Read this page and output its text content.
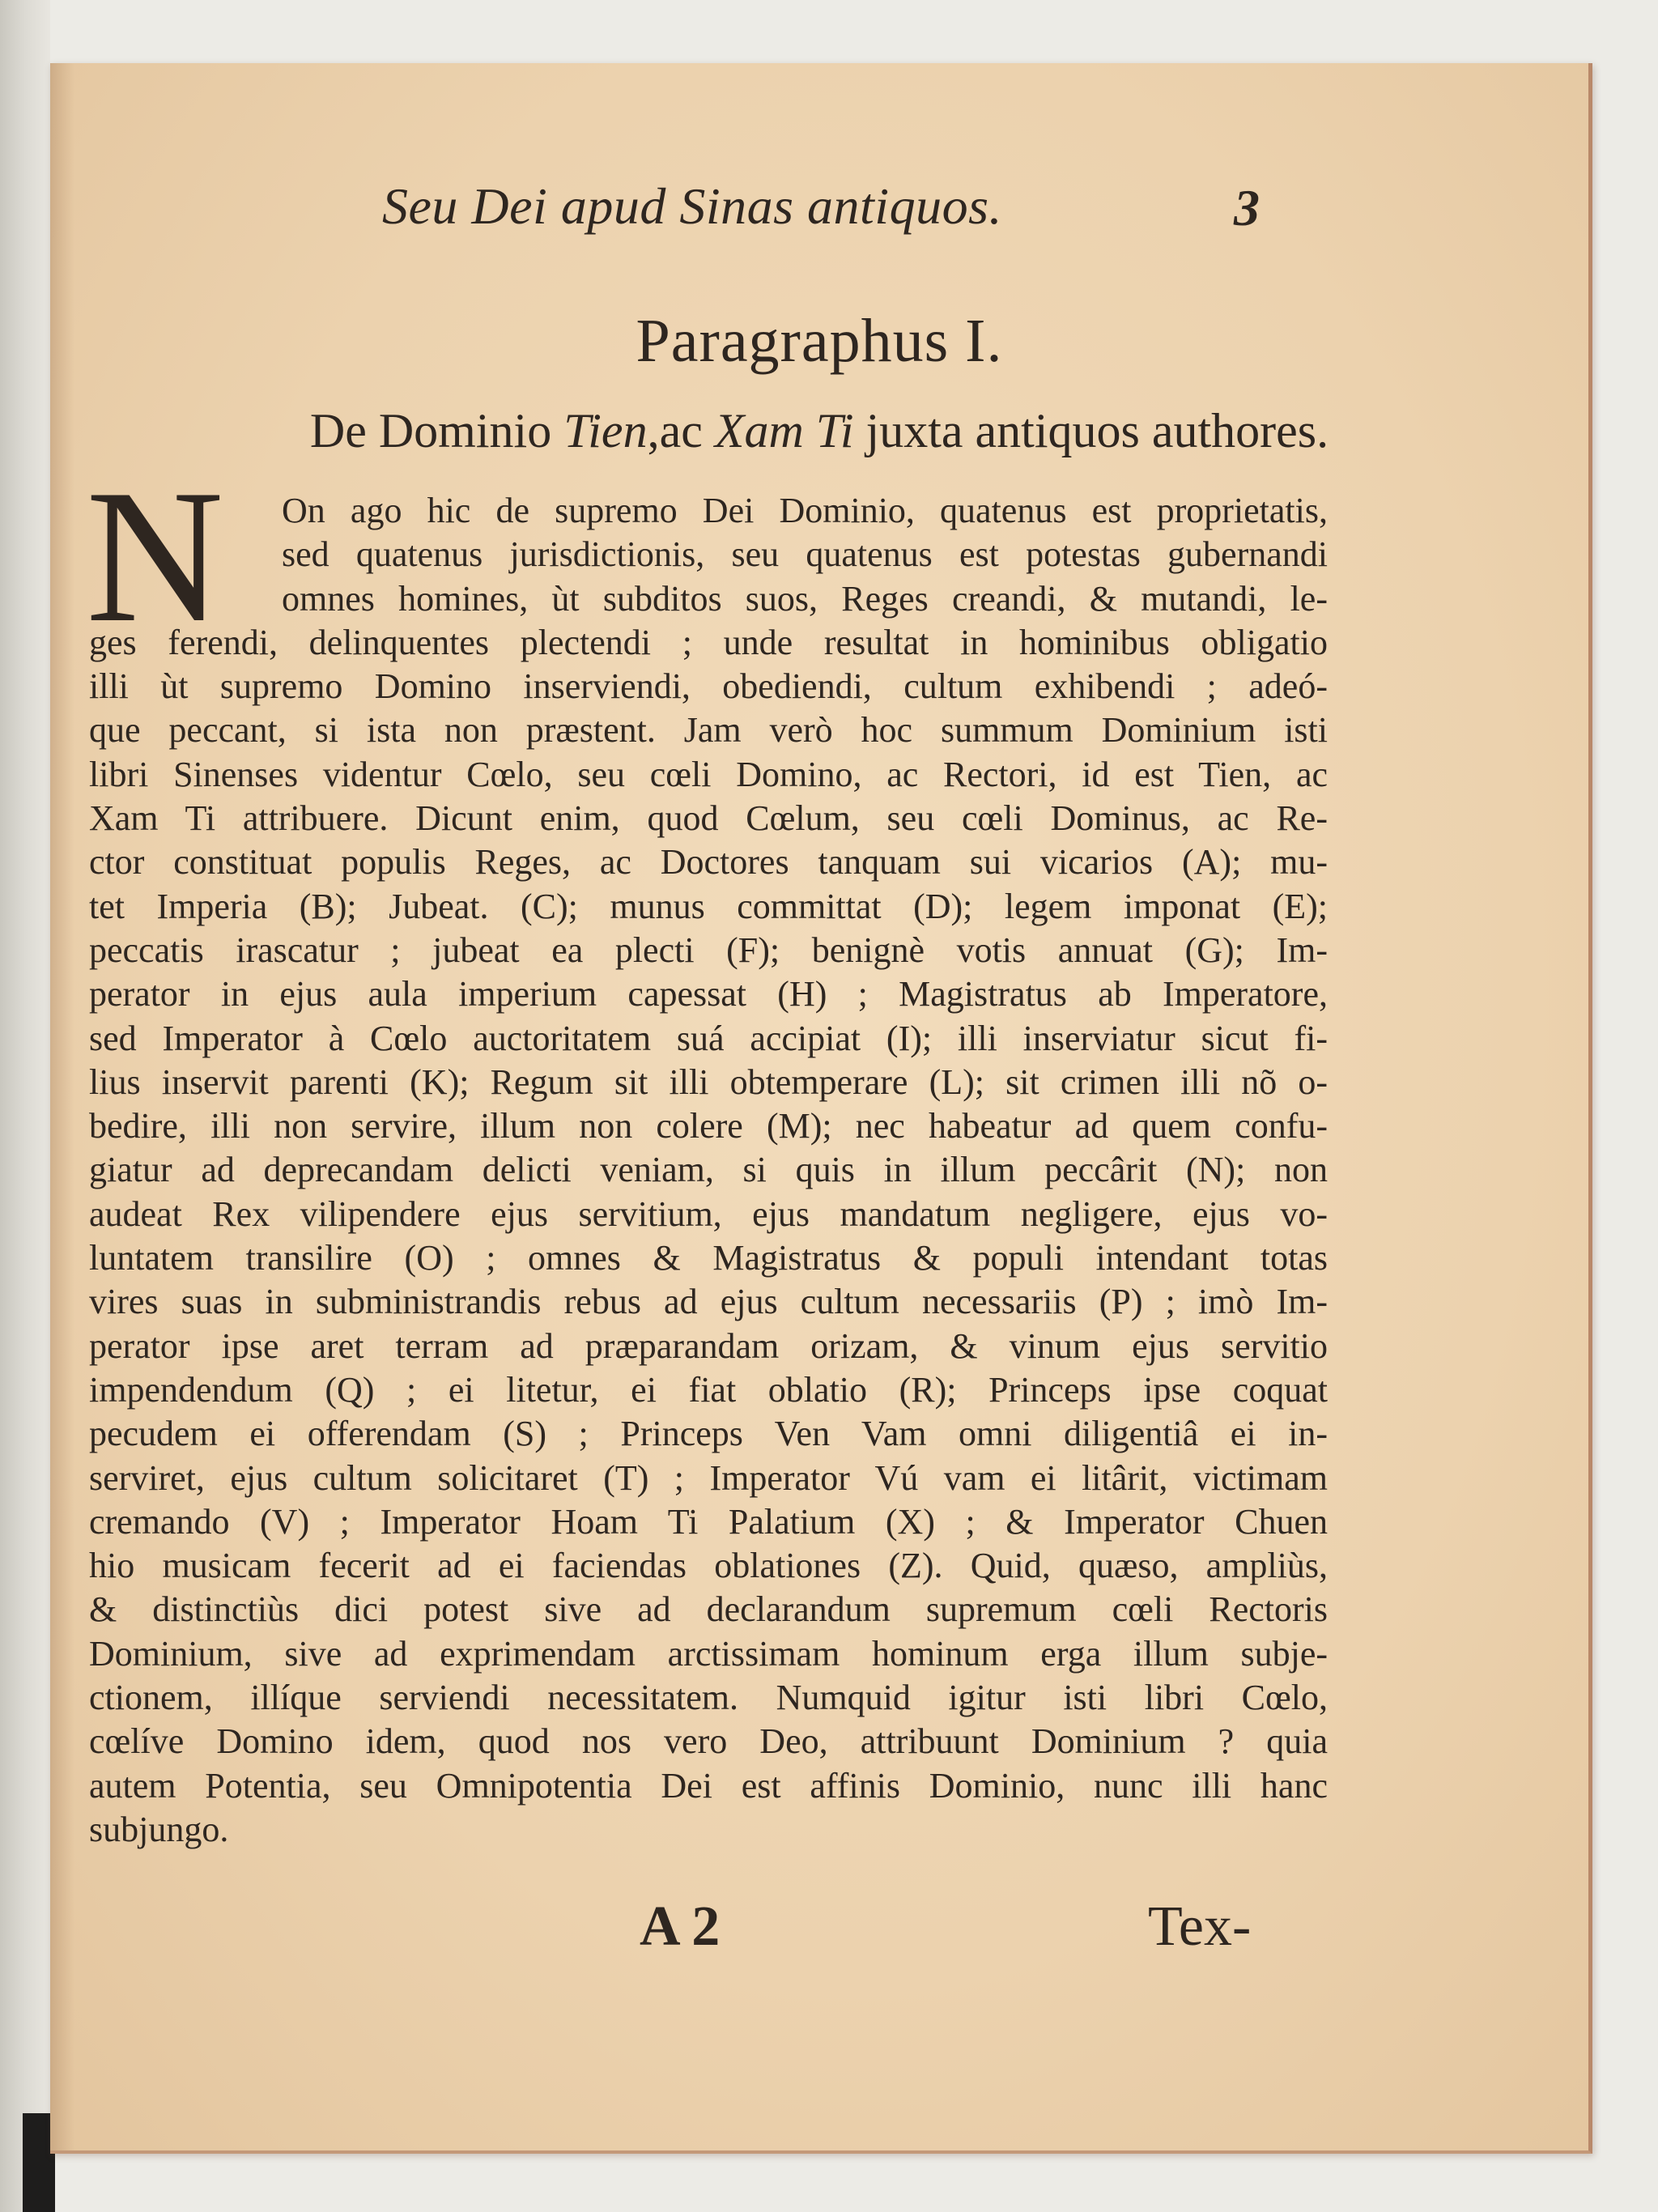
Seu Dei apud Sinas antiquos.	3
Paragraphus I.
De Dominio Tien,ac Xam Ti juxta antiquos authores.
N	On ago hic de supremo Dei Dominio, quatenus est proprietatis,
sed quatenus jurisdictionis, seu quatenus est potestas gubernandi
omnes homines, ùt subditos suos, Reges creandi, & mutandi, le-
ges ferendi, delinquentes plectendi ; unde resultat in hominibus obligatio
illi ùt supremo Domino inserviendi, obediendi, cultum exhibendi ; adeó-
que peccant, si ista non præstent. Jam verò hoc summum Dominium isti
libri Sinenses videntur Cœlo, seu cœli Domino, ac Rectori, id est Tien, ac
Xam Ti attribuere. Dicunt enim, quod Cœlum, seu cœli Dominus, ac Re-
ctor constituat populis Reges, ac Doctores tanquam sui vicarios (A); mu-
tet Imperia (B); Jubeat. (C); munus committat (D); legem imponat (E);
peccatis irascatur ; jubeat ea plecti (F); benignè votis annuat (G); Im-
perator in ejus aula imperium capessat (H) ; Magistratus ab Imperatore,
sed Imperator à Cœlo auctoritatem suá accipiat (I); illi inserviatur sicut fi-
lius inservit parenti (K); Regum sit illi obtemperare (L); sit crimen illi nõ o-
bedire, illi non servire, illum non colere (M); nec habeatur ad quem confu-
giatur ad deprecandam delicti veniam, si quis in illum peccârit (N); non
audeat Rex vilipendere ejus servitium, ejus mandatum negligere, ejus vo-
luntatem transilire (O) ; omnes & Magistratus & populi intendant totas
vires suas in subministrandis rebus ad ejus cultum necessariis (P) ; imò Im-
perator ipse aret terram ad præparandam orizam, & vinum ejus servitio
impendendum (Q) ; ei litetur, ei fiat oblatio (R); Princeps ipse coquat
pecudem ei offerendam (S) ; Princeps Ven Vam omni diligentiâ ei in-
serviret, ejus cultum solicitaret (T) ; Imperator Vú vam ei litârit, victimam
cremando (V) ; Imperator Hoam Ti Palatium (X) ; & Imperator Chuen
hio musicam fecerit ad ei faciendas oblationes (Z). Quid, quæso, ampliùs,
& distinctiùs dici potest sive ad declarandum supremum cœli Rectoris
Dominium, sive ad exprimendam arctissimam hominum erga illum subje-
ctionem, illíque serviendi necessitatem. Numquid igitur isti libri Cœlo,
cœlíve Domino idem, quod nos vero Deo, attribuunt Dominium ? quia
autem Potentia, seu Omnipotentia Dei est affinis Dominio, nunc illi hanc
subjungo.
A 2	Tex-
